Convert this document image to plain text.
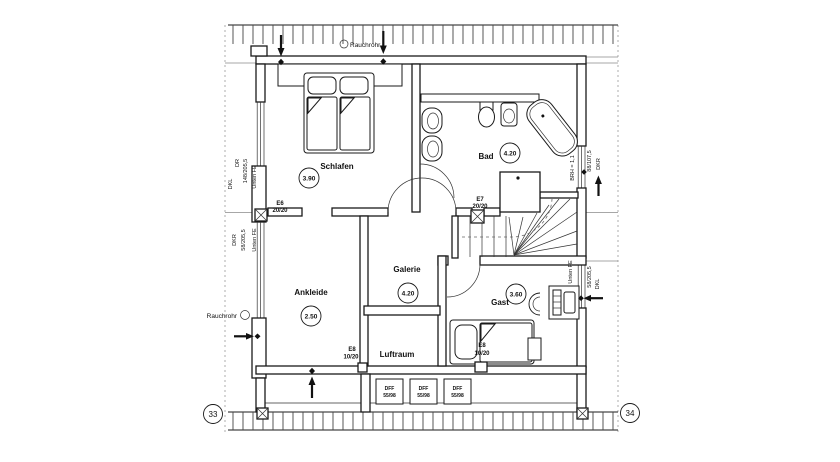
Rauchrohr
Rauchrohr
Schlafen
3.90
Bad 4.20
Ankleide
2.50
Galerie
4.20
Gast
3.60
Luftraum
E6
20/20
E7
20/20
E8
10/20
E8
10/20
DFF
55/98
DFF
55/98
DFF
55/98
DR 148/205,5
DKL	Unten FE
DKR 58/205,5 Unten FE
BRH = 1,1 88/107,5 DKR
Unten FE 58/205,5 DKL
33	34
